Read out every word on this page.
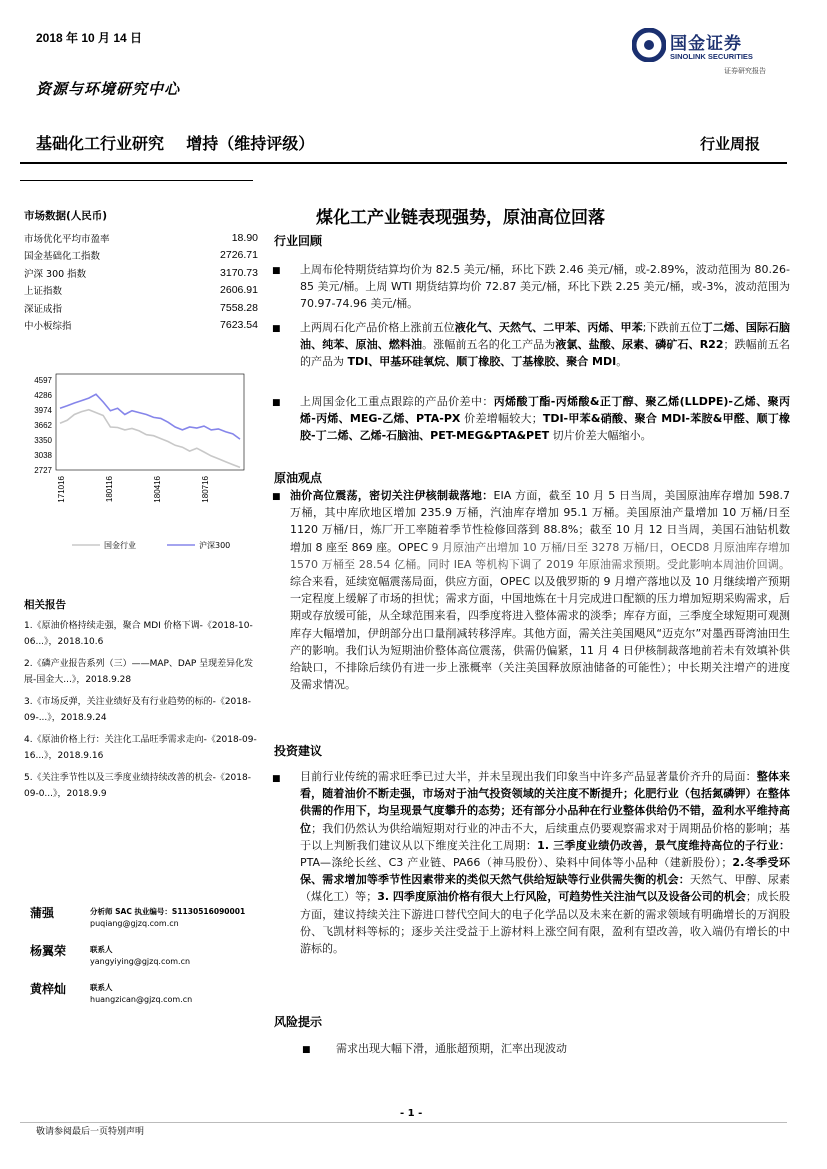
2018 年 10 月 14 日	国金证券
SINOLINK SECURITIES
证券研究报告
资源与环境研究中心
基础化工行业研究    增持（维持评级）	行业周报
市场数据(人民币)
市场优化平均市盈率	18.90
国金基础化工指数	2726.71
沪深 300 指数	3170.73
上证指数	2606.91
深证成指	7558.28
中小板综指	7623.54
4597
4286
3974
3662
3350
3038
2727
171016	180116	180416	180716
国金行业	沪深300
相关报告
1.《原油价格持续走强，聚合 MDI 价格下调-《2018-10-06...》，2018.10.6
2.《磷产业报告系列（三）——MAP、DAP 呈现差异化发展-国金大...》，2018.9.28
3.《市场反弹，关注业绩好及有行业趋势的标的-《2018-09-...》，2018.9.24
4.《原油价格上行：关注化工品旺季需求走向-《2018-09-16...》，2018.9.16
5.《关注季节性以及三季度业绩持续改善的机会-《2018-09-0...》，2018.9.9
蒲强	分析师 SAC 执业编号：S1130516090001
puqiang@gjzq.com.cn
杨翼荣	联系人
yangyiying@gjzq.com.cn
黄梓灿	联系人
huangzican@gjzq.com.cn
煤化工产业链表现强势，原油高位回落
行业回顾
■ 上周布伦特期货结算均价为 82.5 美元/桶，环比下跌 2.46 美元/桶，或-2.89%，波动范围为 80.26-85 美元/桶。上周 WTI 期货结算均价 72.87 美元/桶，环比下跌 2.25 美元/桶，或-3%，波动范围为 70.97-74.96 美元/桶。
■ 上两周石化产品价格上涨前五位液化气、天然气、二甲苯、丙烯、甲苯;下跌前五位丁二烯、国际石脑油、纯苯、原油、燃料油。涨幅前五名的化工产品为液氯、盐酸、尿素、磷矿石、R22；跌幅前五名的产品为 TDI、甲基环硅氧烷、顺丁橡胶、丁基橡胶、聚合 MDI。
■ 上周国金化工重点跟踪的产品价差中：丙烯酸丁酯-丙烯酸&正丁醇、聚乙烯(LLDPE)-乙烯、聚丙烯-丙烯、MEG-乙烯、PTA-PX 价差增幅较大；TDI-甲苯&硝酸、聚合 MDI-苯胺&甲醛、顺丁橡胶-丁二烯、乙烯-石脑油、PET-MEG&PTA&PET 切片价差大幅缩小。
原油观点
■ 油价高位震荡，密切关注伊核制裁落地：EIA 方面，截至 10 月 5 日当周，美国原油库存增加 598.7 万桶，其中库欣地区增加 235.9 万桶，汽油库存增加 95.1 万桶。美国原油产量增加 10 万桶/日至 1120 万桶/日，炼厂开工率随着季节性检修回落到 88.8%；截至 10 月 12 日当周，美国石油钻机数增加 8 座至 869 座。OPEC 9 月原油产出增加 10 万桶/日至 3278 万桶/日，OECD8 月原油库存增加 1570 万桶至 28.54 亿桶。同时 IEA 等机构下调了 2019 年原油需求预期。受此影响本周油价回调。综合来看，延续宽幅震荡局面，供应方面，OPEC 以及俄罗斯的 9 月增产落地以及 10 月继续增产预期一定程度上缓解了市场的担忧；需求方面，中国地炼在十月完成进口配额的压力增加短期采购需求，后期或存放缓可能，从全球范围来看，四季度将进入整体需求的淡季；库存方面，三季度全球短期可观测库存大幅增加，伊朗部分出口量削减转移浮库。其他方面，需关注美国飓风“迈克尔”对墨西哥湾油田生产的影响。我们认为短期油价整体高位震荡，供需仍偏紧，11 月 4 日伊核制裁落地前若未有效填补供给缺口，不排除后续仍有进一步上涨概率（关注美国释放原油储备的可能性）；中长期关注增产的进度及需求情况。
投资建议
■ 目前行业传统的需求旺季已过大半，并未呈现出我们印象当中许多产品显著量价齐升的局面：整体来看，随着油价不断走强，市场对于油气投资领域的关注度不断提升；化肥行业（包括氮磷钾）在整体供需的作用下，均呈现景气度攀升的态势；还有部分小品种在行业整体供给仍不错，盈利水平维持高位；我们仍然认为供给端短期对行业的冲击不大，后续重点仍要观察需求对于周期品价格的影响；基于以上判断我们建议从以下维度关注化工周期：1. 三季度业绩仍改善，景气度维持高位的子行业：PTA—涤纶长丝、C3 产业链、PA66（神马股份）、染料中间体等小品种（建新股份）；2.冬季受环保、需求增加等季节性因素带来的类似天然气供给短缺等行业供需失衡的机会：天然气、甲醇、尿素（煤化工）等；3. 四季度原油价格有很大上行风险，可趋势性关注油气以及设备公司的机会；成长股方面，建议持续关注下游进口替代空间大的电子化学品以及未来在新的需求领域有明确增长的万润股份、飞凯材料等标的；逐步关注受益于上游材料上涨空间有限，盈利有望改善，收入端仍有增长的中游标的。
风险提示
■ 需求出现大幅下滑，通胀超预期，汇率出现波动
- 1 -
敬请参阅最后一页特别声明
